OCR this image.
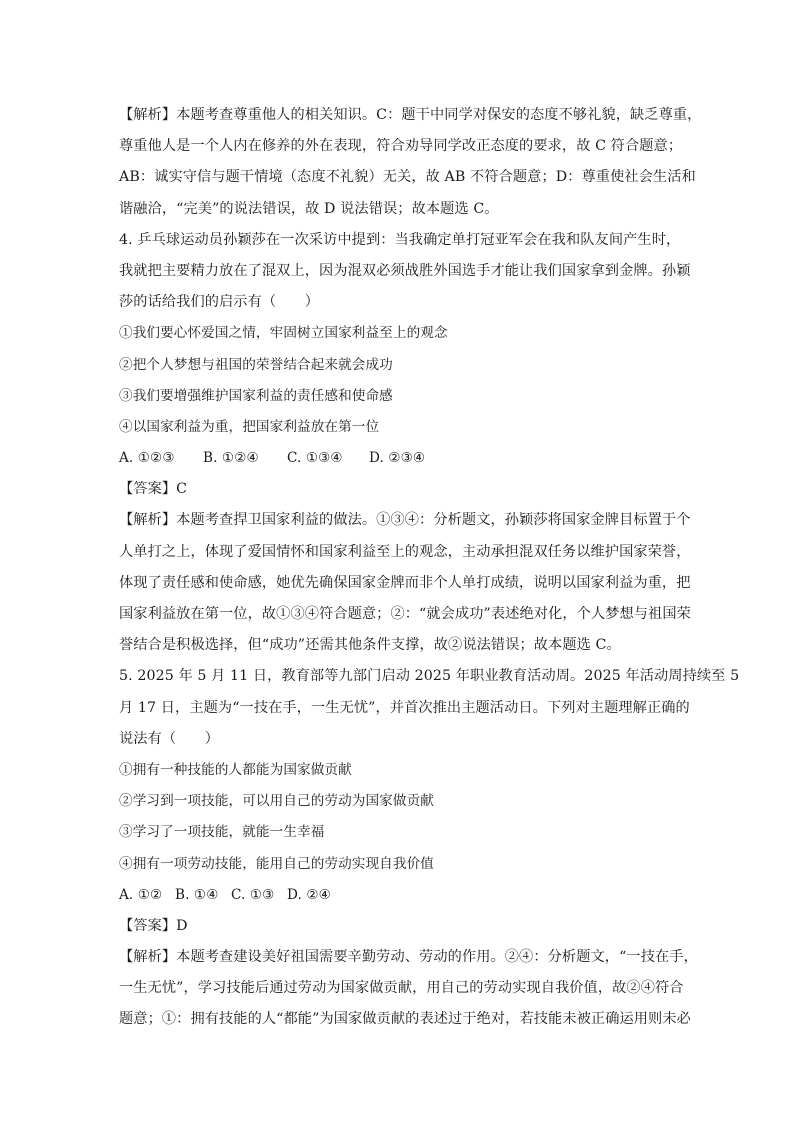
【解析】本题考查尊重他人的相关知识。C：题干中同学对保安的态度不够礼貌，缺乏尊重，
尊重他人是一个人内在修养的外在表现，符合劝导同学改正态度的要求，故 C 符合题意；
AB：诚实守信与题干情境（态度不礼貌）无关，故 AB 不符合题意；D：尊重使社会生活和
谐融洽，“完美”的说法错误，故 D 说法错误；故本题选 C。
4. 乒乓球运动员孙颖莎在一次采访中提到：当我确定单打冠亚军会在我和队友间产生时，
我就把主要精力放在了混双上，因为混双必须战胜外国选手才能让我们国家拿到金牌。孙颖
莎的话给我们的启示有（　　）
①我们要心怀爱国之情，牢固树立国家利益至上的观念
②把个人梦想与祖国的荣誉结合起来就会成功
③我们要增强维护国家利益的责任感和使命感
④以国家利益为重，把国家利益放在第一位
A. ①②③ B. ①②④ C. ①③④ D. ②③④
【答案】C
【解析】本题考查捍卫国家利益的做法。①③④：分析题文，孙颖莎将国家金牌目标置于个
人单打之上，体现了爱国情怀和国家利益至上的观念，主动承担混双任务以维护国家荣誉，
体现了责任感和使命感，她优先确保国家金牌而非个人单打成绩，说明以国家利益为重，把
国家利益放在第一位，故①③④符合题意；②：“就会成功”表述绝对化，个人梦想与祖国荣
誉结合是积极选择，但“成功”还需其他条件支撑，故②说法错误；故本题选 C。
5. 2025 年 5 月 11 日，教育部等九部门启动 2025 年职业教育活动周。2025 年活动周持续至 5
月 17 日，主题为“一技在手，一生无忧”，并首次推出主题活动日。下列对主题理解正确的
说法有（　　）
①拥有一种技能的人都能为国家做贡献
②学习到一项技能，可以用自己的劳动为国家做贡献
③学习了一项技能，就能一生幸福
④拥有一项劳动技能，能用自己的劳动实现自我价值
A. ①② B. ①④ C. ①③ D. ②④
【答案】D
【解析】本题考查建设美好祖国需要辛勤劳动、劳动的作用。②④：分析题文，“一技在手，
一生无忧”，学习技能后通过劳动为国家做贡献，用自己的劳动实现自我价值，故②④符合
题意；①：拥有技能的人“都能”为国家做贡献的表述过于绝对，若技能未被正确运用则未必
